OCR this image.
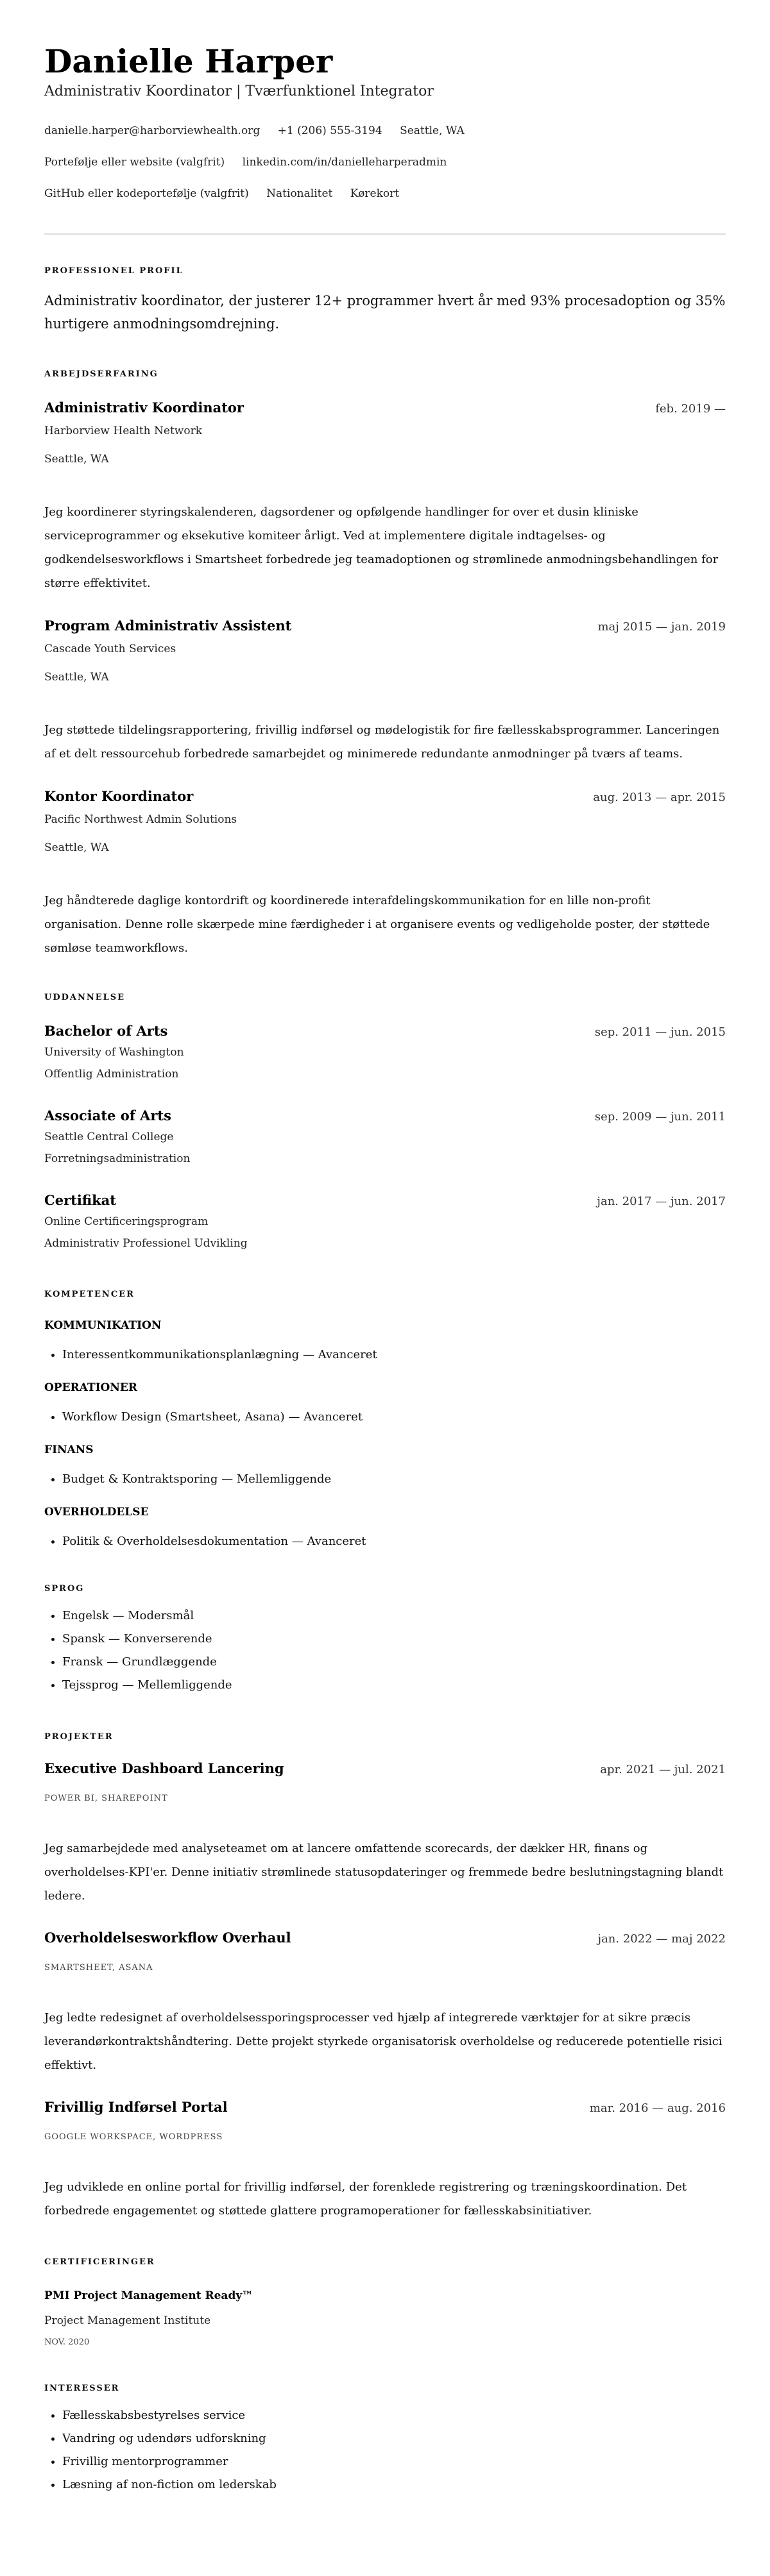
Danielle Harper
Administrativ Koordinator | Tværfunktionel Integrator
danielle.harper@harborviewhealth.org +1 (206) 555-3194 Seattle, WA
Portefølje eller website (valgfrit) linkedin.com/in/danielleharperadmin
GitHub eller kodeportefølje (valgfrit) Nationalitet Kørekort
PROFESSIONEL PROFIL
Administrativ koordinator, der justerer 12+ programmer hvert år med 93% procesadoption og 35% hurtigere anmodningsomdrejning.
ARBEJDSERFARING
Administrativ Koordinator	feb. 2019 —
Harborview Health Network
Seattle, WA
Jeg koordinerer styringskalenderen, dagsordener og opfølgende handlinger for over et dusin kliniske serviceprogrammer og eksekutive komiteer årligt. Ved at implementere digitale indtagelses- og godkendelsesworkflows i Smartsheet forbedrede jeg teamadoptionen og strømlinede anmodningsbehandlingen for større effektivitet.
Program Administrativ Assistent	maj 2015 — jan. 2019
Cascade Youth Services
Seattle, WA
Jeg støttede tildelingsrapportering, frivillig indførsel og mødelogistik for fire fællesskabsprogrammer. Lanceringen af et delt ressourcehub forbedrede samarbejdet og minimerede redundante anmodninger på tværs af teams.
Kontor Koordinator	aug. 2013 — apr. 2015
Pacific Northwest Admin Solutions
Seattle, WA
Jeg håndterede daglige kontordrift og koordinerede interafdelingskommunikation for en lille non-profit organisation. Denne rolle skærpede mine færdigheder i at organisere events og vedligeholde poster, der støttede sømløse teamworkflows.
UDDANNELSE
Bachelor of Arts	sep. 2011 — jun. 2015
University of Washington
Offentlig Administration
Associate of Arts	sep. 2009 — jun. 2011
Seattle Central College
Forretningsadministration
Certifikat	jan. 2017 — jun. 2017
Online Certificeringsprogram
Administrativ Professionel Udvikling
KOMPETENCER
KOMMUNIKATION
• Interessentkommunikationsplanlægning — Avanceret
OPERATIONER
• Workflow Design (Smartsheet, Asana) — Avanceret
FINANS
• Budget & Kontraktsporing — Mellemliggende
OVERHOLDELSE
• Politik & Overholdelsesdokumentation — Avanceret
SPROG
• Engelsk — Modersmål
• Spansk — Konverserende
• Fransk — Grundlæggende
• Tejssprog — Mellemliggende
PROJEKTER
Executive Dashboard Lancering	apr. 2021 — jul. 2021
POWER BI, SHAREPOINT
Jeg samarbejdede med analyseteamet om at lancere omfattende scorecards, der dækker HR, finans og overholdelses-KPI'er. Denne initiativ strømlinede statusopdateringer og fremmede bedre beslutningstagning blandt ledere.
Overholdelsesworkflow Overhaul	jan. 2022 — maj 2022
SMARTSHEET, ASANA
Jeg ledte redesignet af overholdelsessporingsprocesser ved hjælp af integrerede værktøjer for at sikre præcis leverandørkontraktshåndtering. Dette projekt styrkede organisatorisk overholdelse og reducerede potentielle risici effektivt.
Frivillig Indførsel Portal	mar. 2016 — aug. 2016
GOOGLE WORKSPACE, WORDPRESS
Jeg udviklede en online portal for frivillig indførsel, der forenklede registrering og træningskoordination. Det forbedrede engagementet og støttede glattere programoperationer for fællesskabsinitiativer.
CERTIFICERINGER
PMI Project Management Ready™
Project Management Institute
NOV. 2020
INTERESSER
• Fællesskabsbestyrelses service
• Vandring og udendørs udforskning
• Frivillig mentorprogrammer
• Læsning af non-fiction om lederskab
